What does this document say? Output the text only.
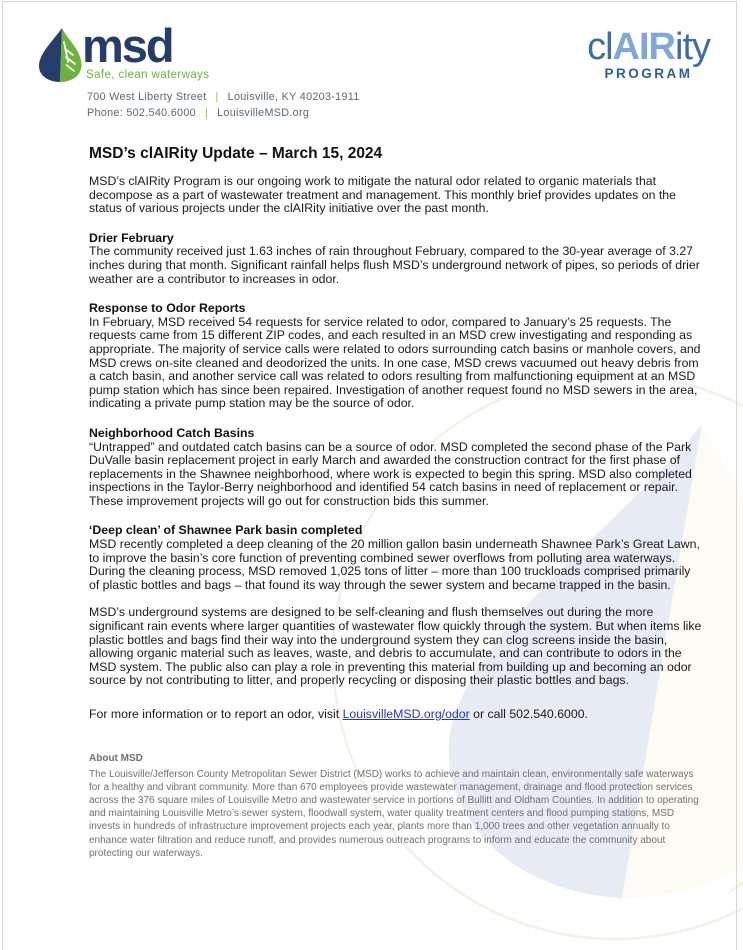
msd
Safe, clean waterways
700 West Liberty Street | Louisville, KY 40203-1911
Phone: 502.540.6000 | LouisvilleMSD.org
clAIRity
PROGRAM
MSD’s clAIRity Update – March 15, 2024

MSD’s clAIRity Program is our ongoing work to mitigate the natural odor related to organic materials that decompose as a part of wastewater treatment and management. This monthly brief provides updates on the status of various projects under the clAIRity initiative over the past month.

Drier February

The community received just 1.63 inches of rain throughout February, compared to the 30-year average of 3.27 inches during that month. Significant rainfall helps flush MSD’s underground network of pipes, so periods of drier weather are a contributor to increases in odor.

Response to Odor Reports

In February, MSD received 54 requests for service related to odor, compared to January’s 25 requests. The requests came from 15 different ZIP codes, and each resulted in an MSD crew investigating and responding as appropriate. The majority of service calls were related to odors surrounding catch basins or manhole covers, and MSD crews on-site cleaned and deodorized the units. In one case, MSD crews vacuumed out heavy debris from a catch basin, and another service call was related to odors resulting from malfunctioning equipment at an MSD pump station which has since been repaired. Investigation of another request found no MSD sewers in the area, indicating a private pump station may be the source of odor.

Neighborhood Catch Basins

“Untrapped” and outdated catch basins can be a source of odor. MSD completed the second phase of the Park DuValle basin replacement project in early March and awarded the construction contract for the first phase of replacements in the Shawnee neighborhood, where work is expected to begin this spring. MSD also completed inspections in the Taylor-Berry neighborhood and identified 54 catch basins in need of replacement or repair. These improvement projects will go out for construction bids this summer.

‘Deep clean’ of Shawnee Park basin completed

MSD recently completed a deep cleaning of the 20 million gallon basin underneath Shawnee Park’s Great Lawn, to improve the basin’s core function of preventing combined sewer overflows from polluting area waterways. During the cleaning process, MSD removed 1,025 tons of litter – more than 100 truckloads comprised primarily of plastic bottles and bags – that found its way through the sewer system and became trapped in the basin.

MSD’s underground systems are designed to be self-cleaning and flush themselves out during the more significant rain events where larger quantities of wastewater flow quickly through the system. But when items like plastic bottles and bags find their way into the underground system they can clog screens inside the basin, allowing organic material such as leaves, waste, and debris to accumulate, and can contribute to odors in the MSD system. The public also can play a role in preventing this material from building up and becoming an odor source by not contributing to litter, and properly recycling or disposing their plastic bottles and bags.

For more information or to report an odor, visit LouisvilleMSD.org/odor or call 502.540.6000.

About MSD

The Louisville/Jefferson County Metropolitan Sewer District (MSD) works to achieve and maintain clean, environmentally safe waterways for a healthy and vibrant community. More than 670 employees provide wastewater management, drainage and flood protection services across the 376 square miles of Louisville Metro and wastewater service in portions of Bullitt and Oldham Counties. In addition to operating and maintaining Louisville Metro’s sewer system, floodwall system, water quality treatment centers and flood pumping stations, MSD invests in hundreds of infrastructure improvement projects each year, plants more than 1,000 trees and other vegetation annually to enhance water filtration and reduce runoff, and provides numerous outreach programs to inform and educate the community about protecting our waterways.
